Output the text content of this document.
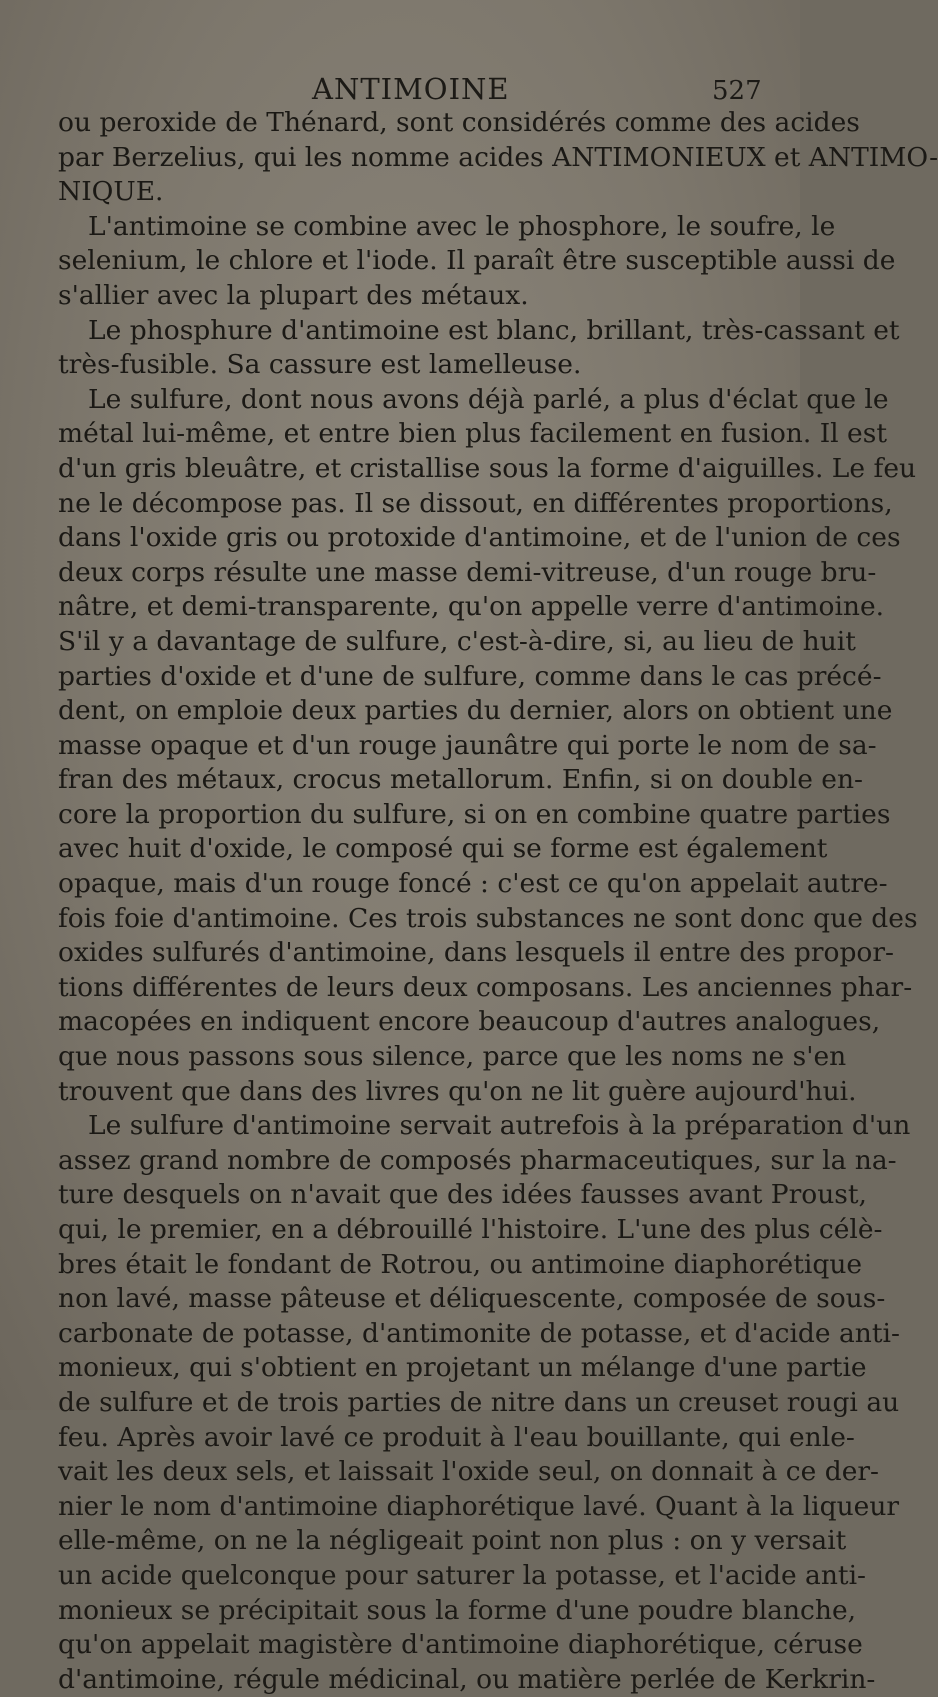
ANTIMOINE	527
ou peroxide de Thénard, sont considérés comme des acides
par Berzelius, qui les nomme acides ANTIMONIEUX et ANTIMO-
NIQUE.
L'antimoine se combine avec le phosphore, le soufre, le
selenium, le chlore et l'iode. Il paraît être susceptible aussi de
s'allier avec la plupart des métaux.
Le phosphure d'antimoine est blanc, brillant, très-cassant et
très-fusible. Sa cassure est lamelleuse.
Le sulfure, dont nous avons déjà parlé, a plus d'éclat que le
métal lui-même, et entre bien plus facilement en fusion. Il est
d'un gris bleuâtre, et cristallise sous la forme d'aiguilles. Le feu
ne le décompose pas. Il se dissout, en différentes proportions,
dans l'oxide gris ou protoxide d'antimoine, et de l'union de ces
deux corps résulte une masse demi-vitreuse, d'un rouge bru-
nâtre, et demi-transparente, qu'on appelle verre d'antimoine.
S'il y a davantage de sulfure, c'est-à-dire, si, au lieu de huit
parties d'oxide et d'une de sulfure, comme dans le cas précé-
dent, on emploie deux parties du dernier, alors on obtient une
masse opaque et d'un rouge jaunâtre qui porte le nom de sa-
fran des métaux, crocus metallorum. Enfin, si on double en-
core la proportion du sulfure, si on en combine quatre parties
avec huit d'oxide, le composé qui se forme est également
opaque, mais d'un rouge foncé : c'est ce qu'on appelait autre-
fois foie d'antimoine. Ces trois substances ne sont donc que des
oxides sulfurés d'antimoine, dans lesquels il entre des propor-
tions différentes de leurs deux composans. Les anciennes phar-
macopées en indiquent encore beaucoup d'autres analogues,
que nous passons sous silence, parce que les noms ne s'en
trouvent que dans des livres qu'on ne lit guère aujourd'hui.
Le sulfure d'antimoine servait autrefois à la préparation d'un
assez grand nombre de composés pharmaceutiques, sur la na-
ture desquels on n'avait que des idées fausses avant Proust,
qui, le premier, en a débrouillé l'histoire. L'une des plus célè-
bres était le fondant de Rotrou, ou antimoine diaphorétique
non lavé, masse pâteuse et déliquescente, composée de sous-
carbonate de potasse, d'antimonite de potasse, et d'acide anti-
monieux, qui s'obtient en projetant un mélange d'une partie
de sulfure et de trois parties de nitre dans un creuset rougi au
feu. Après avoir lavé ce produit à l'eau bouillante, qui enle-
vait les deux sels, et laissait l'oxide seul, on donnait à ce der-
nier le nom d'antimoine diaphorétique lavé. Quant à la liqueur
elle-même, on ne la négligeait point non plus : on y versait
un acide quelconque pour saturer la potasse, et l'acide anti-
monieux se précipitait sous la forme d'une poudre blanche,
qu'on appelait magistère d'antimoine diaphorétique, céruse
d'antimoine, régule médicinal, ou matière perlée de Kerkrin-
